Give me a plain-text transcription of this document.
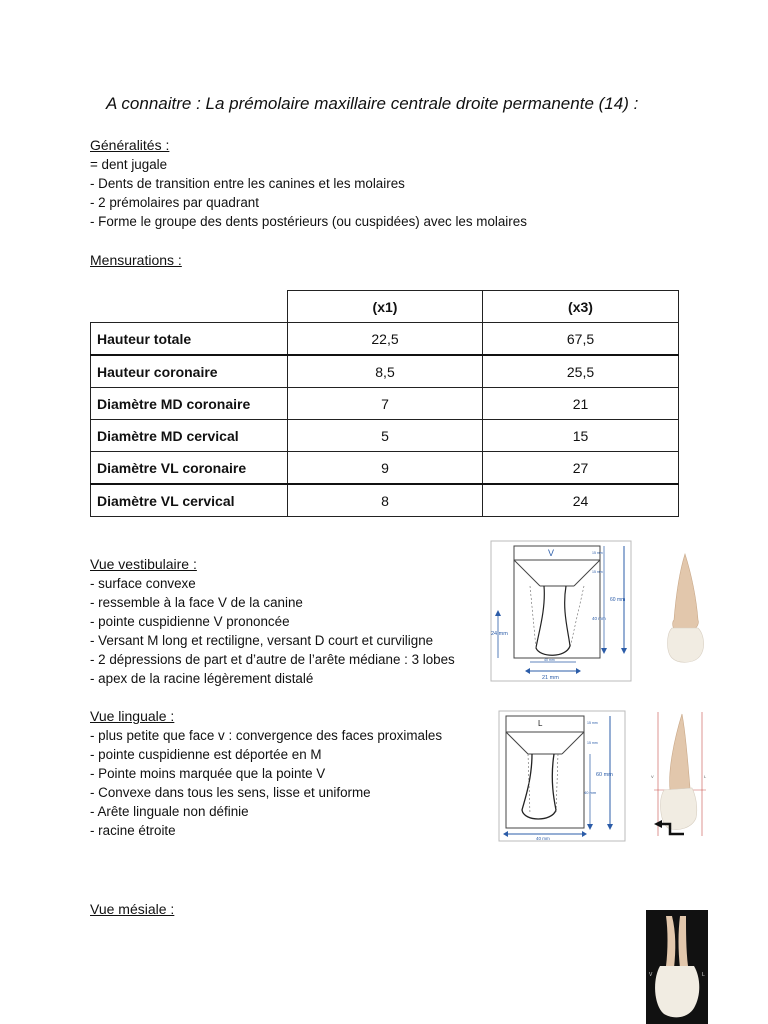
A connaitre : La prémolaire maxillaire centrale droite permanente (14) :
Généralités :
= dent jugale
- Dents de transition entre les canines et les molaires
- 2 prémolaires par quadrant
- Forme le groupe des dents postérieurs (ou cuspidées) avec les molaires
Mensurations :
	(x1)	(x3)
Hauteur totale	22,5	67,5
Hauteur coronaire	8,5	25,5
Diamètre MD coronaire	7	21
Diamètre MD cervical	5	15
Diamètre VL coronaire	9	27
Diamètre VL cervical	8	24
Vue vestibulaire :
- surface convexe
- ressemble à la face V de la canine
- pointe cuspidienne V prononcée
- Versant M long et rectiligne, versant D court et curviligne
- 2 dépressions de part et d’autre de l’arête médiane : 3 lobes
- apex de la racine légèrement distalé
V
60 mm
40 mm
15 mm
15 mm
24 mm
40 mm
21 mm
Vue linguale :
- plus petite que face v : convergence des faces proximales
- pointe cuspidienne est déportée en M
- Pointe moins marquée que la pointe V
- Convexe dans tous les sens, lisse et uniforme
- Arête linguale non définie
- racine étroite
L
60 mm
40 mm
15 mm
15 mm
40 mm
V	L
Vue mésiale :
V	L
